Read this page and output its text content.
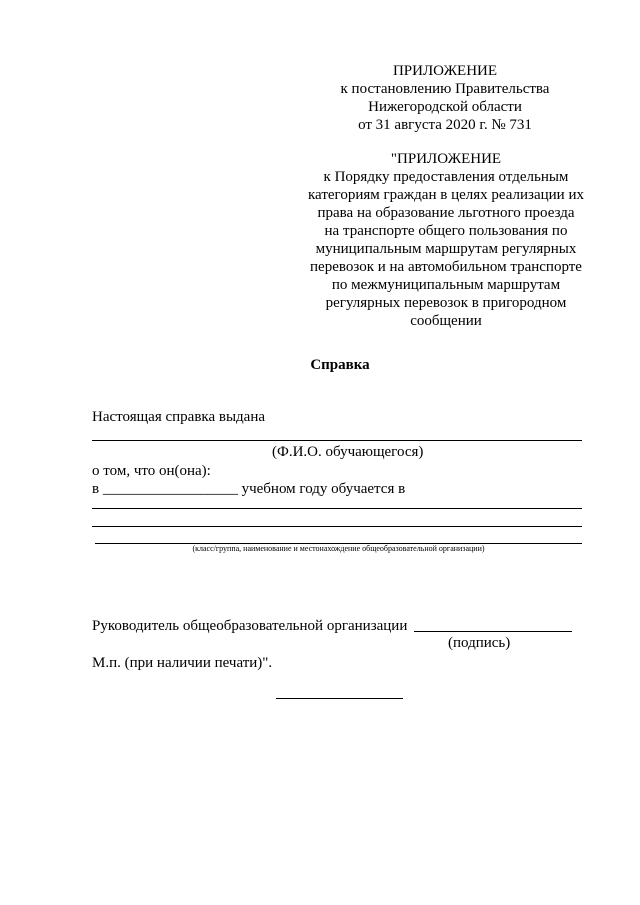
ПРИЛОЖЕНИЕ
к постановлению Правительства
Нижегородской области
от 31 августа 2020 г. № 731
"ПРИЛОЖЕНИЕ
к Порядку предоставления отдельным
категориям граждан в целях реализации их
права на образование льготного проезда
на транспорте общего пользования по
муниципальным маршрутам регулярных
перевозок и на автомобильном транспорте
по межмуниципальным маршрутам
регулярных перевозок в пригородном
сообщении
Справка
Настоящая справка выдана
(Ф.И.О. обучающегося)
о том, что он(она):
в __________________ учебном году обучается в
(класс/группа, наименование и местонахождение общеобразовательной организации)
Руководитель общеобразовательной организации
(подпись)
М.п. (при наличии печати)".
